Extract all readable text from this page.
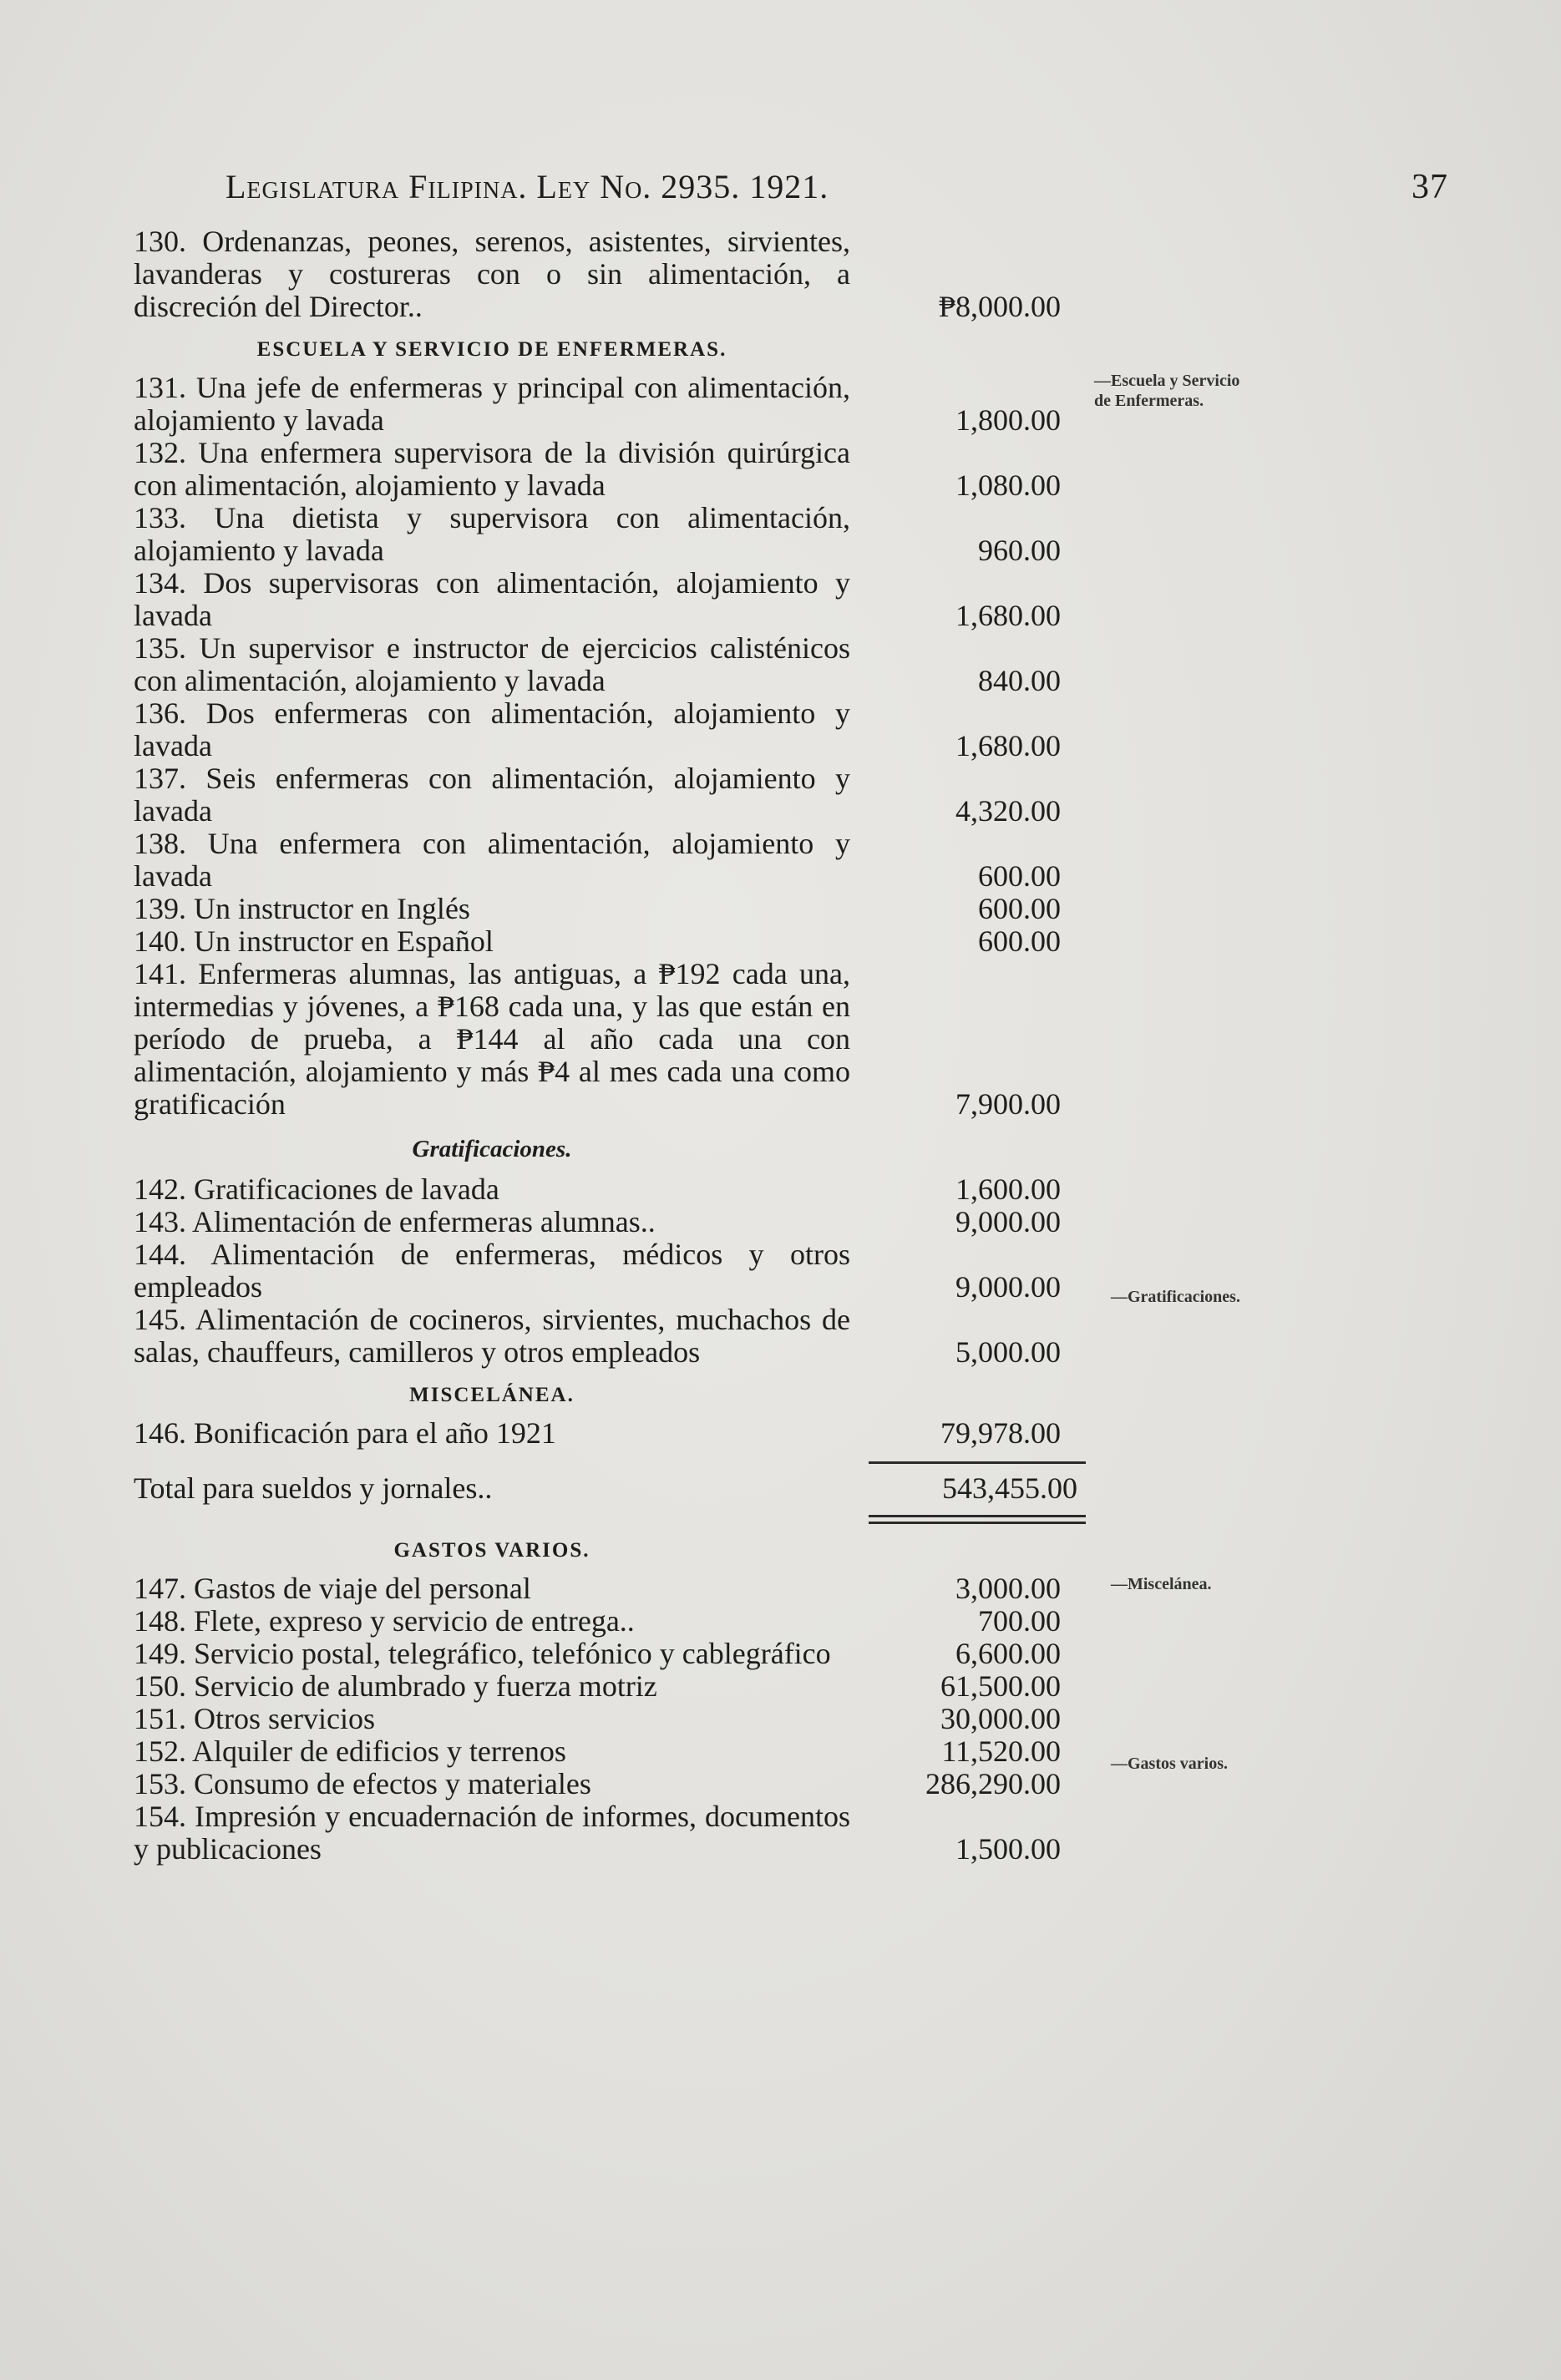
Legislatura Filipina. Ley No. 2935. 1921.	37
130. Ordenanzas, peones, serenos, asistentes, sirvientes, lavanderas y costureras con o sin alimentación, a discreción del Director..	₱8,000.00
ESCUELA Y SERVICIO DE ENFERMERAS.
131. Una jefe de enfermeras y principal con alimentación, alojamiento y lavada	1,800.00
132. Una enfermera supervisora de la división quirúrgica con alimentación, alojamiento y lavada	1,080.00
133. Una dietista y supervisora con alimentación, alojamiento y lavada	960.00
134. Dos supervisoras con alimentación, alojamiento y lavada	1,680.00
135. Un supervisor e instructor de ejercicios calisténicos con alimentación, alojamiento y lavada	840.00
136. Dos enfermeras con alimentación, alojamiento y lavada	1,680.00
137. Seis enfermeras con alimentación, alojamiento y lavada	4,320.00
138. Una enfermera con alimentación, alojamiento y lavada	600.00
139. Un instructor en Inglés	600.00
140. Un instructor en Español	600.00
141. Enfermeras alumnas, las antiguas, a ₱192 cada una, intermedias y jóvenes, a ₱168 cada una, y las que están en período de prueba, a ₱144 al año cada una con alimentación, alojamiento y más ₱4 al mes cada una como gratificación	7,900.00
Gratificaciones.
142. Gratificaciones de lavada	1,600.00
143. Alimentación de enfermeras alumnas..	9,000.00
144. Alimentación de enfermeras, médicos y otros empleados	9,000.00
145. Alimentación de cocineros, sirvientes, muchachos de salas, chauffeurs, camilleros y otros empleados	5,000.00
MISCELÁNEA.
146. Bonificación para el año 1921	79,978.00
Total para sueldos y jornales..	543,455.00
GASTOS VARIOS.
147. Gastos de viaje del personal	3,000.00
148. Flete, expreso y servicio de entrega..	700.00
149. Servicio postal, telegráfico, telefónico y cablegráfico	6,600.00
150. Servicio de alumbrado y fuerza motriz	61,500.00
151. Otros servicios	30,000.00
152. Alquiler de edificios y terrenos	11,520.00
153. Consumo de efectos y materiales	286,290.00
154. Impresión y encuadernación de informes, documentos y publicaciones	1,500.00
—Escuela y Servicio
de Enfermeras.
—Gratificaciones.
—Miscelánea.
—Gastos varios.
